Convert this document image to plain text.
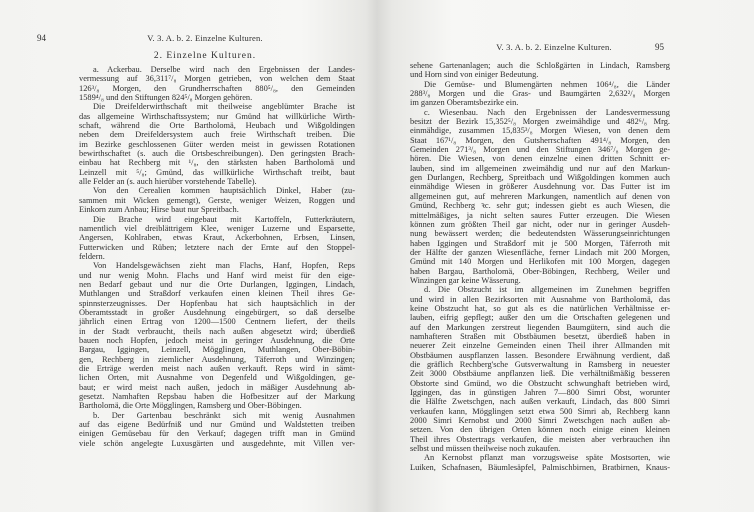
94	V. 3. A. b. 2. Einzelne Kulturen.
2. Einzelne Kulturen.
a. Ackerbau. Derselbe wird nach den Ergebnissen der Landes-
vermessung auf 36,311⁷/₈ Morgen getrieben, von welchen dem Staat
126³/₈ Morgen, den Grundherrschaften 880⁵/₈, den Gemeinden
1589⁴/₈ und den Stiftungen 824⁵/₈ Morgen gehören.
Die Dreifelderwirthschaft mit theilweise angeblümter Brache ist
das allgemeine Wirthschaftssystem; nur Gmünd hat willkürliche Wirth-
schaft, während die Orte Bartholomä, Heubach und Wißgoldingen
neben dem Dreifeldersystem auch freie Wirthschaft treiben. Die
im Bezirke geschlossenen Güter werden meist in gewissen Rotationen
bewirthschaftet (s. auch die Ortsbeschreibungen). Den geringsten Brach-
einbau hat Rechberg mit ¹/₈, den stärksten haben Bartholomä und
Leinzell mit ⁵/₈; Gmünd, das willkürliche Wirthschaft treibt, baut
alle Felder an (s. auch hierüber vorstehende Tabelle).
Von den Cerealien kommen hauptsächlich Dinkel, Haber (zu-
sammen mit Wicken gemengt), Gerste, weniger Weizen, Roggen und
Einkorn zum Anbau; Hirse baut nur Spreitbach.
Die Brache wird eingebaut mit Kartoffeln, Futterkräutern,
namentlich viel dreiblättrigem Klee, weniger Luzerne und Esparsette,
Angersen, Kohlraben, etwas Kraut, Ackerbohnen, Erbsen, Linsen,
Futterwicken und Rüben; letztere nach der Ernte auf den Stoppel-
feldern.
Von Handelsgewächsen zieht man Flachs, Hanf, Hopfen, Reps
und nur wenig Mohn. Flachs und Hanf wird meist für den eige-
nen Bedarf gebaut und nur die Orte Durlangen, Iggingen, Lindach,
Muthlangen und Straßdorf verkaufen einen kleinen Theil ihres Ge-
spinnsterzeugnisses. Der Hopfenbau hat sich hauptsächlich in der
Oberamtsstadt in großer Ausdehnung eingebürgert, so daß derselbe
jährlich einen Ertrag von 1200—1500 Centnern liefert, der theils
in der Stadt verbraucht, theils nach außen abgesetzt wird; überdieß
bauen noch Hopfen, jedoch meist in geringer Ausdehnung, die Orte
Bargau, Iggingen, Leinzell, Mögglingen, Muthlangen, Ober-Böbin-
gen, Rechberg in ziemlicher Ausdehnung, Täferroth und Winzingen;
die Erträge werden meist nach außen verkauft. Reps wird in sämt-
lichen Orten, mit Ausnahme von Degenfeld und Wißgoldingen, ge-
baut; er wird meist nach außen, jedoch in mäßiger Ausdehnung ab-
gesetzt. Namhaften Repsbau haben die Hofbesitzer auf der Markung
Bartholomä, die Orte Mögglingen, Ramsberg und Ober-Böbingen.
b. Der Gartenbau beschränkt sich mit wenig Ausnahmen
auf das eigene Bedürfniß und nur Gmünd und Waldstetten treiben
einigen Gemüsebau für den Verkauf; dagegen trifft man in Gmünd
viele schön angelegte Luxusgärten und ausgedehnte, mit Villen ver-
V. 3. A. b. 2. Einzelne Kulturen.	95
sehene Gartenanlagen; auch die Schloßgärten in Lindach, Ramsberg
und Horn sind von einiger Bedeutung.
Die Gemüse- und Blumengärten nehmen 106⁴/₈, die Länder
288³/₈ Morgen und die Gras- und Baumgärten 2,632²/₈ Morgen
im ganzen Oberamtsbezirke ein.
c. Wiesenbau. Nach den Ergebnissen der Landesvermessung
besitzt der Bezirk 15,352⁵/₈ Morgen zweimähdige und 482⁶/₈ Mrg.
einmähdige, zusammen 15,835³/₈ Morgen Wiesen, von denen dem
Staat 167¹/₈ Morgen, den Gutsherrschaften 491⁴/₈ Morgen, den
Gemeinden 271³/₈ Morgen und den Stiftungen 346⁷/₈ Morgen ge-
hören. Die Wiesen, von denen einzelne einen dritten Schnitt er-
lauben, sind im allgemeinen zweimähdig und nur auf den Markun-
gen Durlangen, Rechberg, Spreitbach und Wißgoldingen kommen auch
einmähdige Wiesen in größerer Ausdehnung vor. Das Futter ist im
allgemeinen gut, auf mehreren Markungen, namentlich auf denen von
Gmünd, Rechberg ꝛc. sehr gut; indessen giebt es auch Wiesen, die
mittelmäßiges, ja nicht selten saures Futter erzeugen. Die Wiesen
können zum größten Theil gar nicht, oder nur in geringer Ausdeh-
nung bewässert werden; die bedeutendsten Wässerungseinrichtungen
haben Iggingen und Straßdorf mit je 500 Morgen, Täferroth mit
der Hälfte der ganzen Wiesenfläche, ferner Lindach mit 200 Morgen,
Gmünd mit 140 Morgen und Herlikofen mit 100 Morgen, dagegen
haben Bargau, Bartholomä, Ober-Böbingen, Rechberg, Weiler und
Winzingen gar keine Wässerung.
d. Die Obstzucht ist im allgemeinen im Zunehmen begriffen
und wird in allen Bezirksorten mit Ausnahme von Bartholomä, das
keine Obstzucht hat, so gut als es die natürlichen Verhältnisse er-
lauben, eifrig gepflegt; außer den um die Ortschaften gelegenen und
auf den Markungen zerstreut liegenden Baumgütern, sind auch die
namhafteren Straßen mit Obstbäumen besetzt, überdieß haben in
neuerer Zeit einzelne Gemeinden einen Theil ihrer Allmanden mit
Obstbäumen auspflanzen lassen. Besondere Erwähnung verdient, daß
die gräflich Rechberg'sche Gutsverwaltung in Ramsberg in neuester
Zeit 3000 Obstbäume anpflanzen ließ. Die verhältnißmäßig besseren
Obstorte sind Gmünd, wo die Obstzucht schwunghaft betrieben wird,
Iggingen, das in günstigen Jahren 7—800 Simri Obst, worunter
die Hälfte Zwetschgen, nach außen verkauft, Lindach, das 800 Simri
verkaufen kann, Mögglingen setzt etwa 500 Simri ab, Rechberg kann
2000 Simri Kernobst und 2000 Simri Zwetschgen nach außen ab-
setzen. Von den übrigen Orten können noch einige einen kleinen
Theil ihres Obstertrags verkaufen, die meisten aber verbrauchen ihn
selbst und müssen theilweise noch zukaufen.
An Kernobst pflanzt man vorzugsweise späte Mostsorten, wie
Luiken, Schafnasen, Bäumlesäpfel, Palmischbirnen, Bratbirnen, Knaus-
